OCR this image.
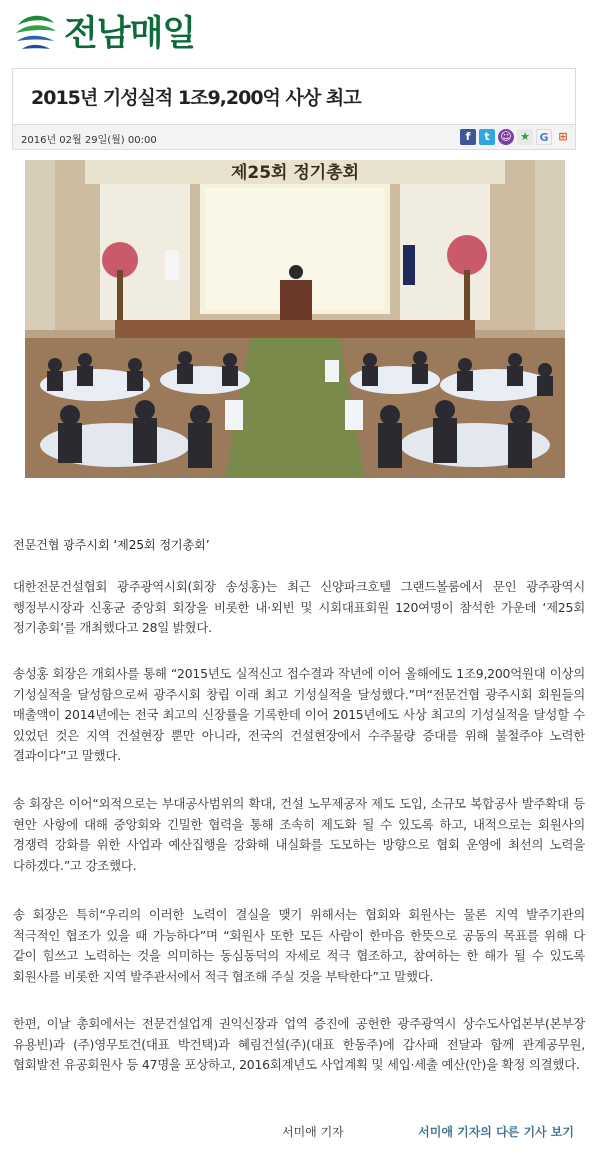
전남매일
2015년 기성실적 1조9,200억 사상 최고
2016년 02월 29일(월) 00:00	f	t ☺ ★ G ⊞
제25회 정기총회
전문건협 광주시회 ‘제25회 정기총회’

대한전문건설협회 광주광역시회(회장 송성홍)는 최근 신양파크호텔 그랜드볼룸에서 문인 광주광역시 행정부시장과 신홍균 중앙회 회장을 비롯한 내·외빈 및 시회대표회원 120여명이 참석한 가운데 ‘제25회 정기총회’를 개최했다고 28일 밝혔다.

송성홍 회장은 개회사를 통해 “2015년도 실적신고 접수결과 작년에 이어 올해에도 1조9,200억원대 이상의 기성실적을 달성함으로써 광주시회 창립 이래 최고 기성실적을 달성했다.”며“전문건협 광주시회 회원들의 매출액이 2014년에는 전국 최고의 신장률을 기록한데 이어 2015년에도 사상 최고의 기성실적을 달성할 수 있었던 것은 지역 건설현장 뿐만 아니라, 전국의 건설현장에서 수주물량 증대를 위해 불철주야 노력한 결과이다”고 말했다.

송 회장은 이어“외적으로는 부대공사범위의 확대, 건설 노무제공자 제도 도입, 소규모 복합공사 발주확대 등 현안 사항에 대해 중앙회와 긴밀한 협력을 통해 조속히 제도화 될 수 있도록 하고, 내적으로는 회원사의 경쟁력 강화를 위한 사업과 예산집행을 강화해 내실화를 도모하는 방향으로 협회 운영에 최선의 노력을 다하겠다.”고 강조했다.

송 회장은 특히“우리의 이러한 노력이 결실을 맺기 위해서는 협회와 회원사는 물론 지역 발주기관의 적극적인 협조가 있을 때 가능하다”며 “회원사 또한 모든 사람이 한마음 한뜻으로 공동의 목표를 위해 다 같이 힘쓰고 노력하는 것을 의미하는 동심동덕의 자세로 적극 협조하고, 참여하는 한 해가 될 수 있도록 회원사를 비롯한 지역 발주관서에서 적극 협조해 주실 것을 부탁한다”고 말했다.

한편, 이날 총회에서는 전문건설업계 권익신장과 업역 증진에 공헌한 광주광역시 상수도사업본부(본부장 유용빈)과 (주)영무토건(대표 박건택)과 혜림건설(주)(대표 한동주)에 감사패 전달과 함께 관계공무원, 협회발전 유공회원사 등 47명을 포상하고, 2016회계년도 사업계획 및 세입·세출 예산(안)을 확정 의결했다.

서미애 기자	서미애 기자의 다른 기사 보기
